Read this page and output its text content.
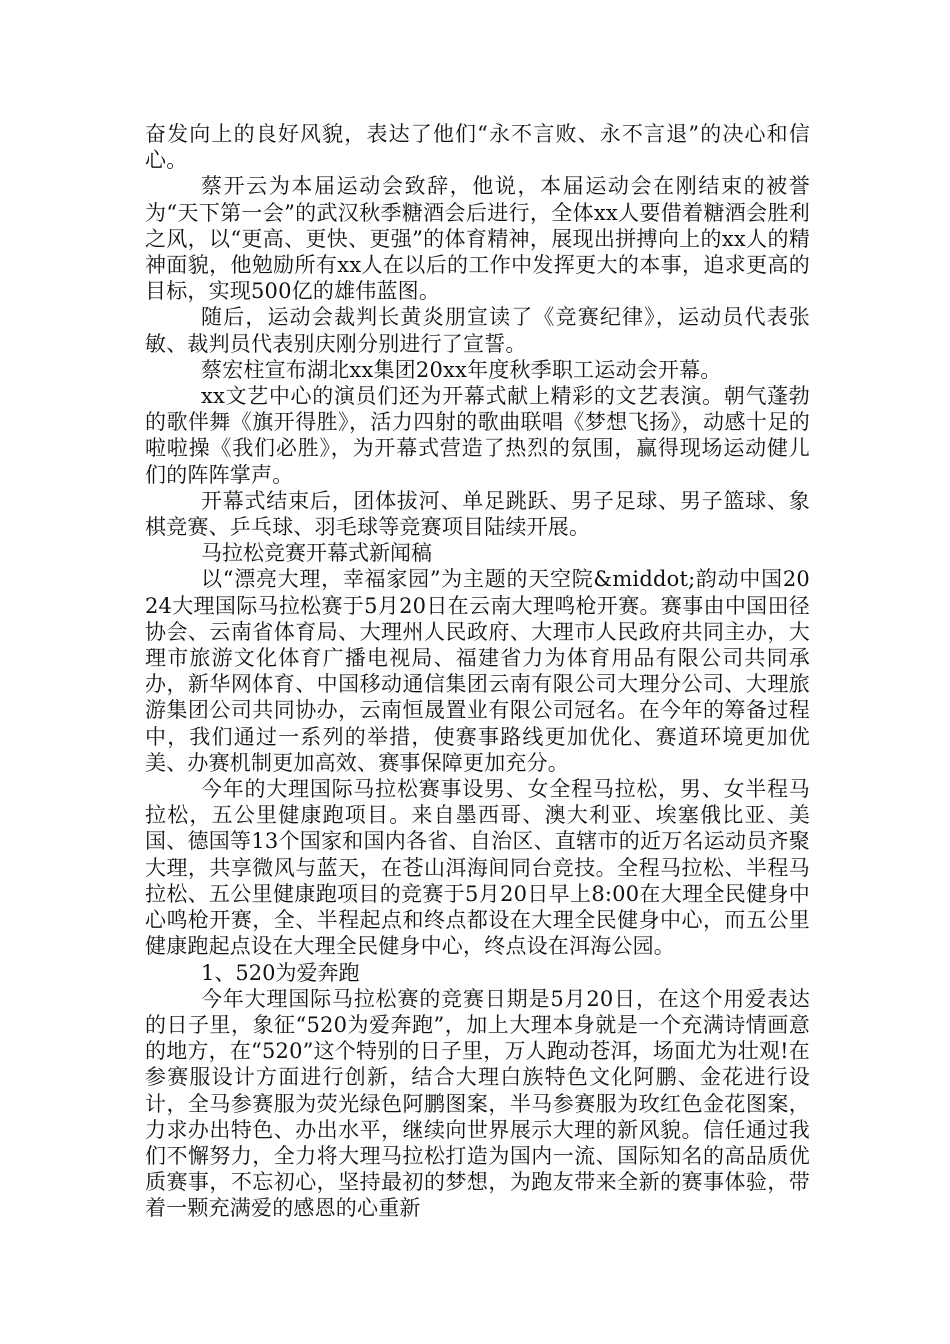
奋发向上的良好风貌，表达了他们“永不言败、永不言退”的决心和信心。

蔡开云为本届运动会致辞，他说，本届运动会在刚结束的被誉为“天下第一会”的武汉秋季糖酒会后进行，全体xx人要借着糖酒会胜利之风，以“更高、更快、更强”的体育精神，展现出拼搏向上的xx人的精神面貌，他勉励所有xx人在以后的工作中发挥更大的本事，追求更高的目标，实现500亿的雄伟蓝图。

随后，运动会裁判长黄炎朋宣读了《竞赛纪律》，运动员代表张敏、裁判员代表别庆刚分别进行了宣誓。

蔡宏柱宣布湖北xx集团20xx年度秋季职工运动会开幕。

xx文艺中心的演员们还为开幕式献上精彩的文艺表演。朝气蓬勃的歌伴舞《旗开得胜》，活力四射的歌曲联唱《梦想飞扬》，动感十足的啦啦操《我们必胜》，为开幕式营造了热烈的氛围，赢得现场运动健儿们的阵阵掌声。

开幕式结束后，团体拔河、单足跳跃、男子足球、男子篮球、象棋竞赛、乒乓球、羽毛球等竞赛项目陆续开展。

马拉松竞赛开幕式新闻稿

以“漂亮大理，幸福家园”为主题的天空院&middot;韵动中国2024大理国际马拉松赛于5月20日在云南大理鸣枪开赛。赛事由中国田径协会、云南省体育局、大理州人民政府、大理市人民政府共同主办，大理市旅游文化体育广播电视局、福建省力为体育用品有限公司共同承办，新华网体育、中国移动通信集团云南有限公司大理分公司、大理旅游集团公司共同协办，云南恒晟置业有限公司冠名。在今年的筹备过程中，我们通过一系列的举措，使赛事路线更加优化、赛道环境更加优美、办赛机制更加高效、赛事保障更加充分。

今年的大理国际马拉松赛事设男、女全程马拉松，男、女半程马拉松，五公里健康跑项目。来自墨西哥、澳大利亚、埃塞俄比亚、美国、德国等13个国家和国内各省、自治区、直辖市的近万名运动员齐聚大理，共享微风与蓝天，在苍山洱海间同台竞技。全程马拉松、半程马拉松、五公里健康跑项目的竞赛于5月20日早上8:00在大理全民健身中心鸣枪开赛，全、半程起点和终点都设在大理全民健身中心，而五公里健康跑起点设在大理全民健身中心，终点设在洱海公园。

1、520为爱奔跑

今年大理国际马拉松赛的竞赛日期是5月20日，在这个用爱表达的日子里，象征“520为爱奔跑”，加上大理本身就是一个充满诗情画意的地方，在“520”这个特别的日子里，万人跑动苍洱，场面尤为壮观!在参赛服设计方面进行创新，结合大理白族特色文化阿鹏、金花进行设计，全马参赛服为荧光绿色阿鹏图案，半马参赛服为玫红色金花图案，力求办出特色、办出水平，继续向世界展示大理的新风貌。信任通过我们不懈努力，全力将大理马拉松打造为国内一流、国际知名的高品质优质赛事，不忘初心，坚持最初的梦想，为跑友带来全新的赛事体验，带着一颗充满爱的感恩的心重新
